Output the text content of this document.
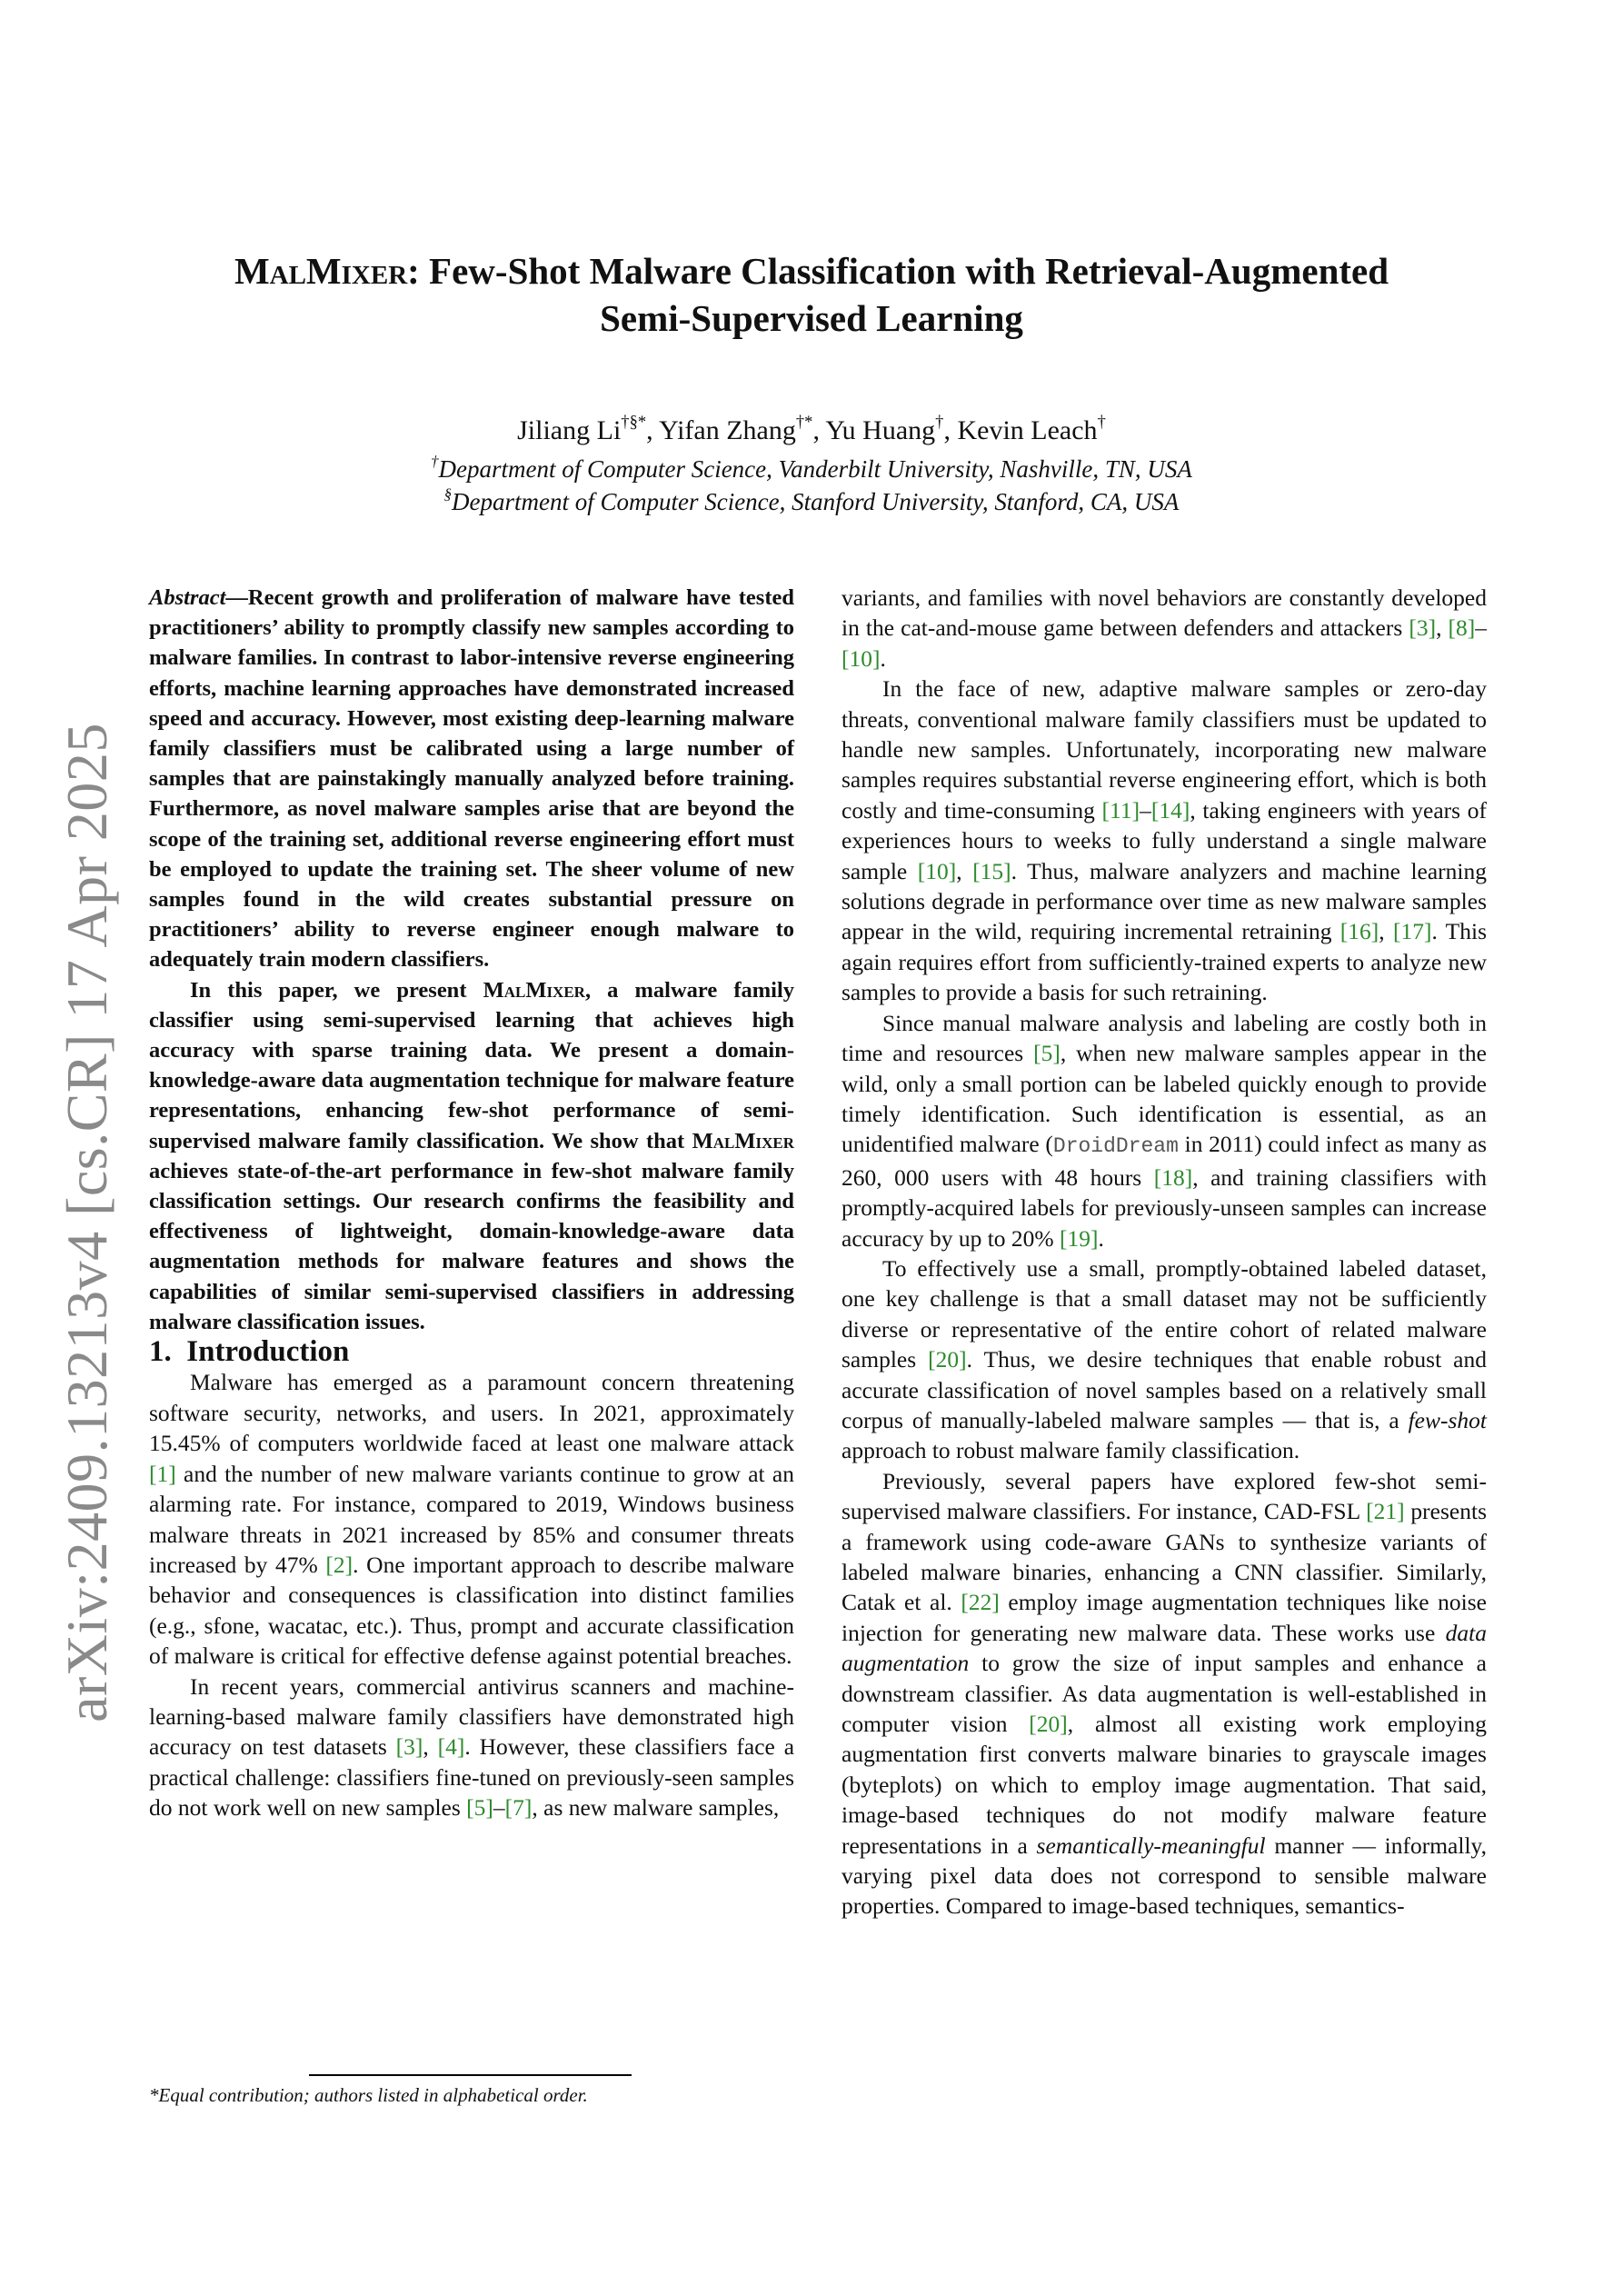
arXiv:2409.13213v4 [cs.CR] 17 Apr 2025
MalMixer: Few-Shot Malware Classification with Retrieval-Augmented
Semi-Supervised Learning
Jiliang Li†§*, Yifan Zhang†*, Yu Huang†, Kevin Leach†
†Department of Computer Science, Vanderbilt University, Nashville, TN, USA
§Department of Computer Science, Stanford University, Stanford, CA, USA

Abstract—Recent growth and proliferation of malware have tested practitioners’ ability to promptly classify new samples according to malware families. In contrast to labor-intensive reverse engineering efforts, machine learning approaches have demonstrated increased speed and accuracy. However, most existing deep-learning malware family classifiers must be calibrated using a large number of samples that are painstakingly manually analyzed before training. Furthermore, as novel malware samples arise that are beyond the scope of the training set, additional reverse engineering effort must be employed to update the training set. The sheer volume of new samples found in the wild creates substantial pressure on practitioners’ ability to reverse engineer enough malware to adequately train modern classifiers.

In this paper, we present MalMixer, a malware family classifier using semi-supervised learning that achieves high accuracy with sparse training data. We present a domain-knowledge-aware data augmentation technique for malware feature representations, enhancing few-shot performance of semi-supervised malware family classification. We show that MalMixer achieves state-of-the-art performance in few-shot malware family classification settings. Our research confirms the feasibility and effectiveness of lightweight, domain-knowledge-aware data augmentation methods for malware features and shows the capabilities of similar semi-supervised classifiers in addressing malware classification issues.

1. Introduction

Malware has emerged as a paramount concern threatening software security, networks, and users. In 2021, approximately 15.45% of computers worldwide faced at least one malware attack [1] and the number of new malware variants continue to grow at an alarming rate. For instance, compared to 2019, Windows business malware threats in 2021 increased by 85% and consumer threats increased by 47% [2]. One important approach to describe malware behavior and consequences is classification into distinct families (e.g., sfone, wacatac, etc.). Thus, prompt and accurate classification of malware is critical for effective defense against potential breaches.

In recent years, commercial antivirus scanners and machine-learning-based malware family classifiers have demonstrated high accuracy on test datasets [3], [4]. However, these classifiers face a practical challenge: classifiers fine-tuned on previously-seen samples do not work well on new samples [5]–[7], as new malware samples,

*Equal contribution; authors listed in alphabetical order.

variants, and families with novel behaviors are constantly developed in the cat-and-mouse game between defenders and attackers [3], [8]–[10].

In the face of new, adaptive malware samples or zero-day threats, conventional malware family classifiers must be updated to handle new samples. Unfortunately, incorporating new malware samples requires substantial reverse engineering effort, which is both costly and time-consuming [11]–[14], taking engineers with years of experiences hours to weeks to fully understand a single malware sample [10], [15]. Thus, malware analyzers and machine learning solutions degrade in performance over time as new malware samples appear in the wild, requiring incremental retraining [16], [17]. This again requires effort from sufficiently-trained experts to analyze new samples to provide a basis for such retraining.

Since manual malware analysis and labeling are costly both in time and resources [5], when new malware samples appear in the wild, only a small portion can be labeled quickly enough to provide timely identification. Such identification is essential, as an unidentified malware (DroidDream in 2011) could infect as many as 260, 000 users with 48 hours [18], and training classifiers with promptly-acquired labels for previously-unseen samples can increase accuracy by up to 20% [19].

To effectively use a small, promptly-obtained labeled dataset, one key challenge is that a small dataset may not be sufficiently diverse or representative of the entire cohort of related malware samples [20]. Thus, we desire techniques that enable robust and accurate classification of novel samples based on a relatively small corpus of manually-labeled malware samples — that is, a few-shot approach to robust malware family classification.

Previously, several papers have explored few-shot semi-supervised malware classifiers. For instance, CAD-FSL [21] presents a framework using code-aware GANs to synthesize variants of labeled malware binaries, enhancing a CNN classifier. Similarly, Catak et al. [22] employ image augmentation techniques like noise injection for generating new malware data. These works use data augmentation to grow the size of input samples and enhance a downstream classifier. As data augmentation is well-established in computer vision [20], almost all existing work employing augmentation first converts malware binaries to grayscale images (byteplots) on which to employ image augmentation. That said, image-based techniques do not modify malware feature representations in a semantically-meaningful manner — informally, varying pixel data does not correspond to sensible malware properties. Compared to image-based techniques, semantics-
